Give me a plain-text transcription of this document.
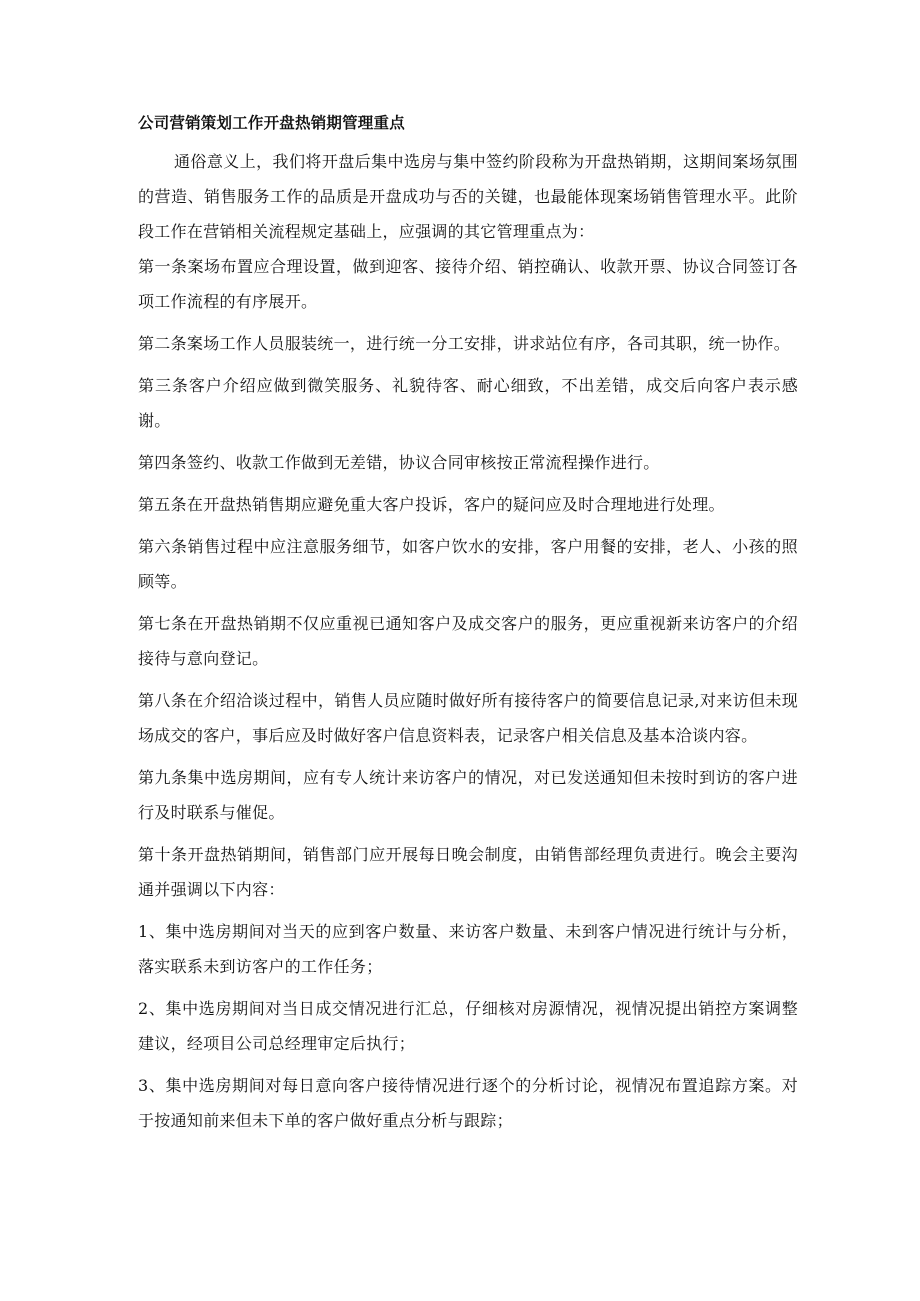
公司营销策划工作开盘热销期管理重点

通俗意义上，我们将开盘后集中选房与集中签约阶段称为开盘热销期，这期间案场氛围的营造、销售服务工作的品质是开盘成功与否的关键，也最能体现案场销售管理水平。此阶段工作在营销相关流程规定基础上，应强调的其它管理重点为：

第一条案场布置应合理设置，做到迎客、接待介绍、销控确认、收款开票、协议合同签订各项工作流程的有序展开。

第二条案场工作人员服装统一，进行统一分工安排，讲求站位有序，各司其职，统一协作。

第三条客户介绍应做到微笑服务、礼貌待客、耐心细致，不出差错，成交后向客户表示感谢。

第四条签约、收款工作做到无差错，协议合同审核按正常流程操作进行。

第五条在开盘热销售期应避免重大客户投诉，客户的疑问应及时合理地进行处理。

第六条销售过程中应注意服务细节，如客户饮水的安排，客户用餐的安排，老人、小孩的照顾等。

第七条在开盘热销期不仅应重视已通知客户及成交客户的服务，更应重视新来访客户的介绍接待与意向登记。

第八条在介绍洽谈过程中，销售人员应随时做好所有接待客户的简要信息记录,对来访但未现场成交的客户，事后应及时做好客户信息资料表，记录客户相关信息及基本洽谈内容。

第九条集中选房期间，应有专人统计来访客户的情况，对已发送通知但未按时到访的客户进行及时联系与催促。

第十条开盘热销期间，销售部门应开展每日晚会制度，由销售部经理负责进行。晚会主要沟通并强调以下内容：

1、集中选房期间对当天的应到客户数量、来访客户数量、未到客户情况进行统计与分析，落实联系未到访客户的工作任务；

2、集中选房期间对当日成交情况进行汇总，仔细核对房源情况，视情况提出销控方案调整建议，经项目公司总经理审定后执行；

3、集中选房期间对每日意向客户接待情况进行逐个的分析讨论，视情况布置追踪方案。对于按通知前来但未下单的客户做好重点分析与跟踪；
